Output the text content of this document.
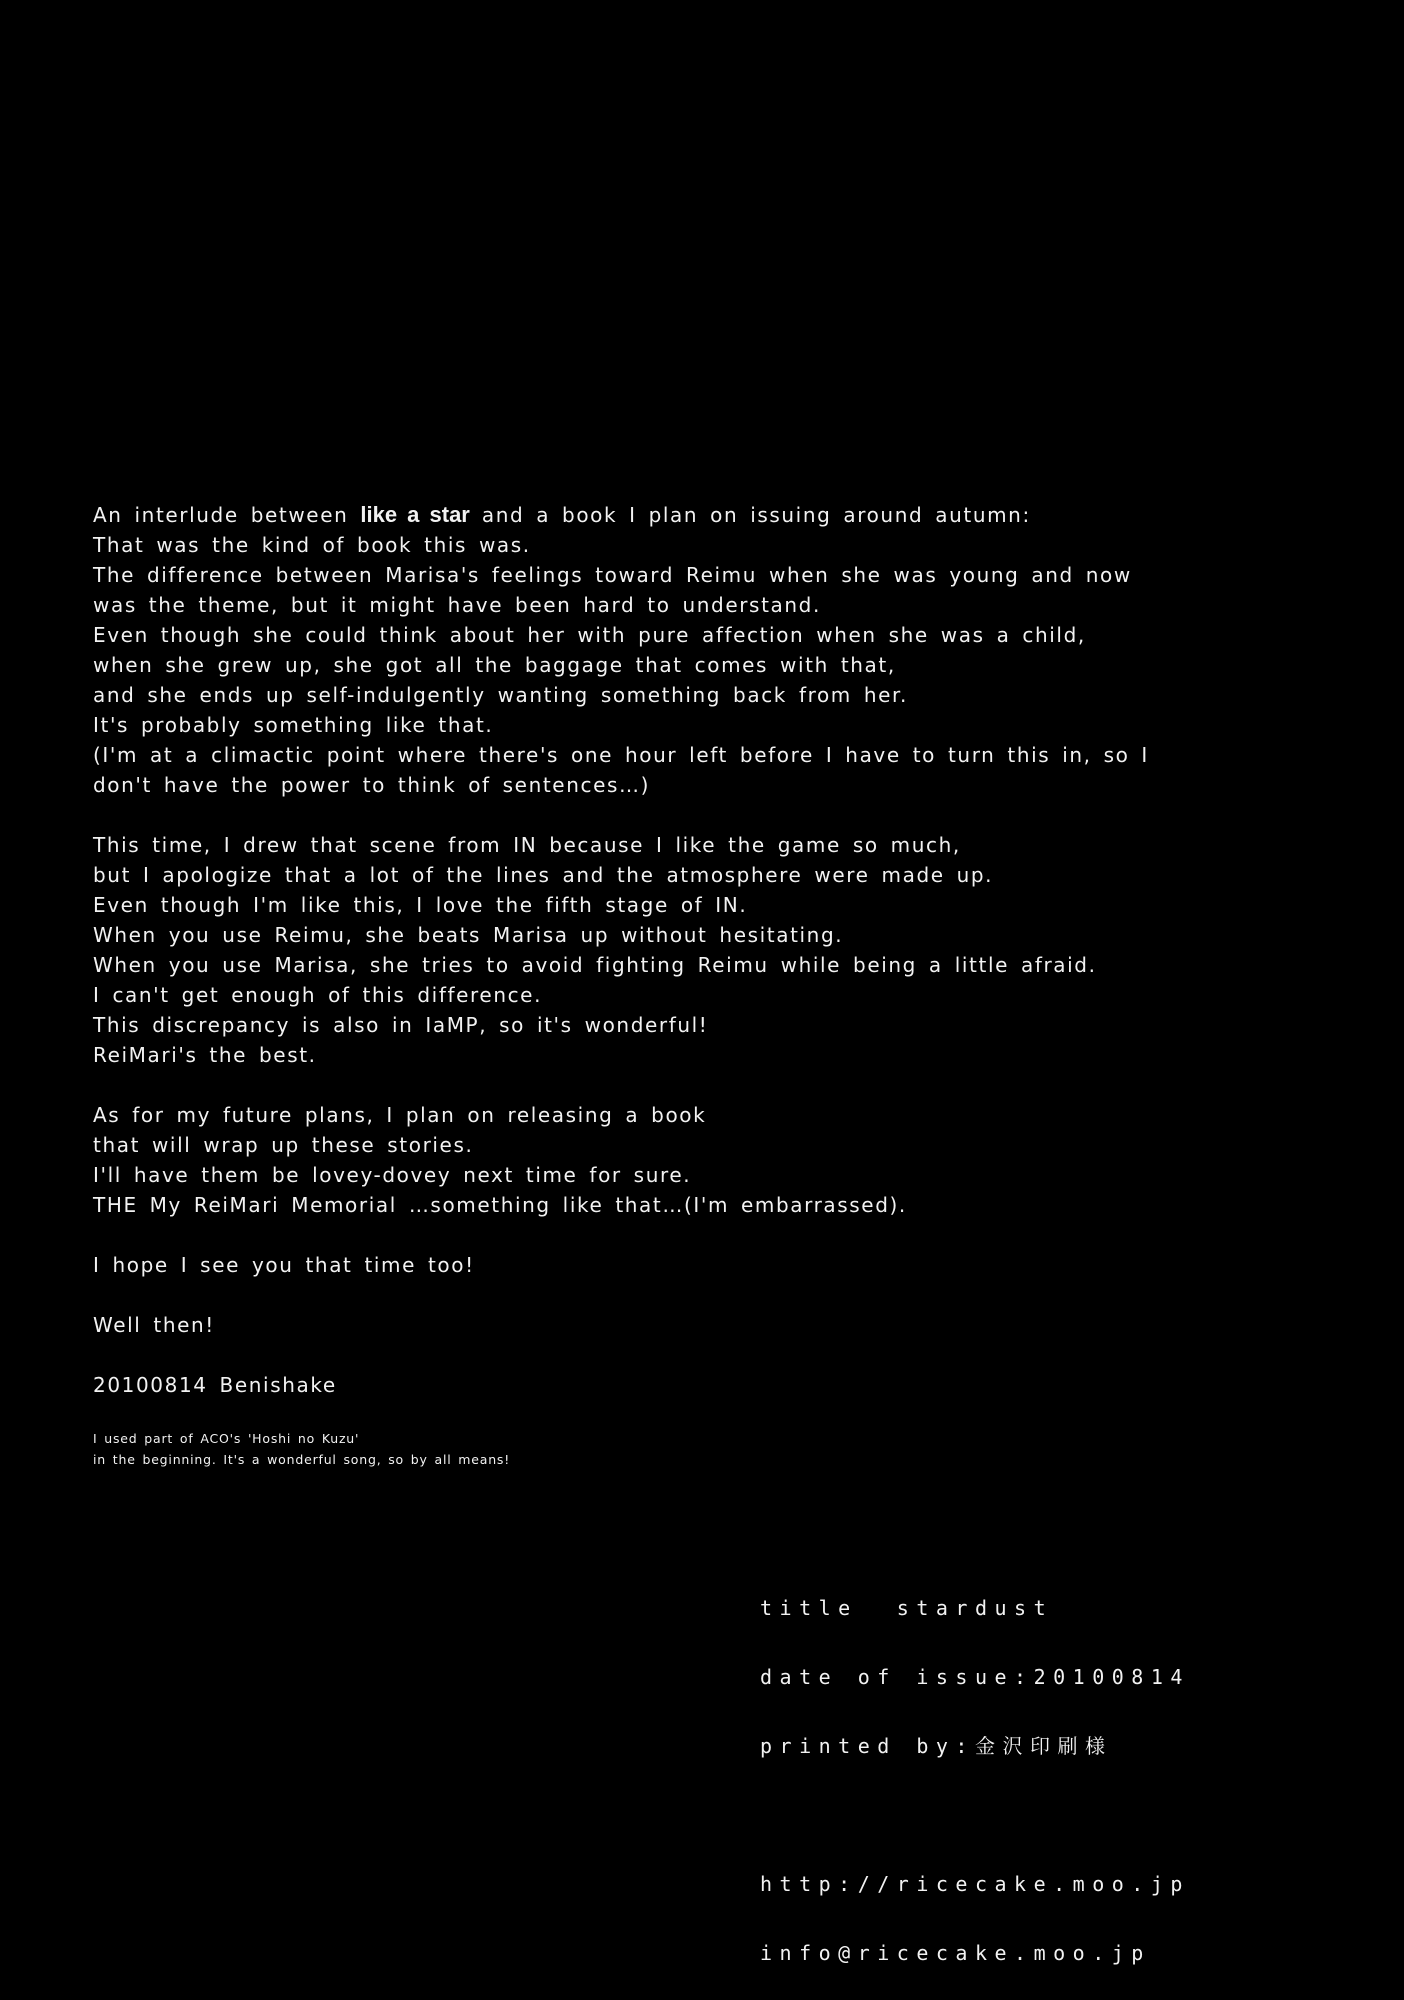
An interlude between like a star and a book I plan on issuing around autumn:
That was the kind of book this was.
The difference between Marisa's feelings toward Reimu when she was young and now
was the theme, but it might have been hard to understand.
Even though she could think about her with pure affection when she was a child,
when she grew up, she got all the baggage that comes with that,
and she ends up self-indulgently wanting something back from her.
It's probably something like that.
(I'm at a climactic point where there's one hour left before I have to turn this in, so I
don't have the power to think of sentences…)
This time, I drew that scene from IN because I like the game so much,
but I apologize that a lot of the lines and the atmosphere were made up.
Even though I'm like this, I love the fifth stage of IN.
When you use Reimu, she beats Marisa up without hesitating.
When you use Marisa, she tries to avoid fighting Reimu while being a little afraid.
I can't get enough of this difference.
This discrepancy is also in IaMP, so it's wonderful!
ReiMari's the best.
As for my future plans, I plan on releasing a book
that will wrap up these stories.
I'll have them be lovey-dovey next time for sure.
THE My ReiMari Memorial …something like that…(I'm embarrassed).
I hope I see you that time too!
Well then!
20100814 Benishake
I used part of ACO's 'Hoshi no Kuzu'
in the beginning. It's a wonderful song, so by all means!

title  stardust

date of issue:20100814

printed by:金沢印刷様

http://ricecake.moo.jp

info@ricecake.moo.jp
